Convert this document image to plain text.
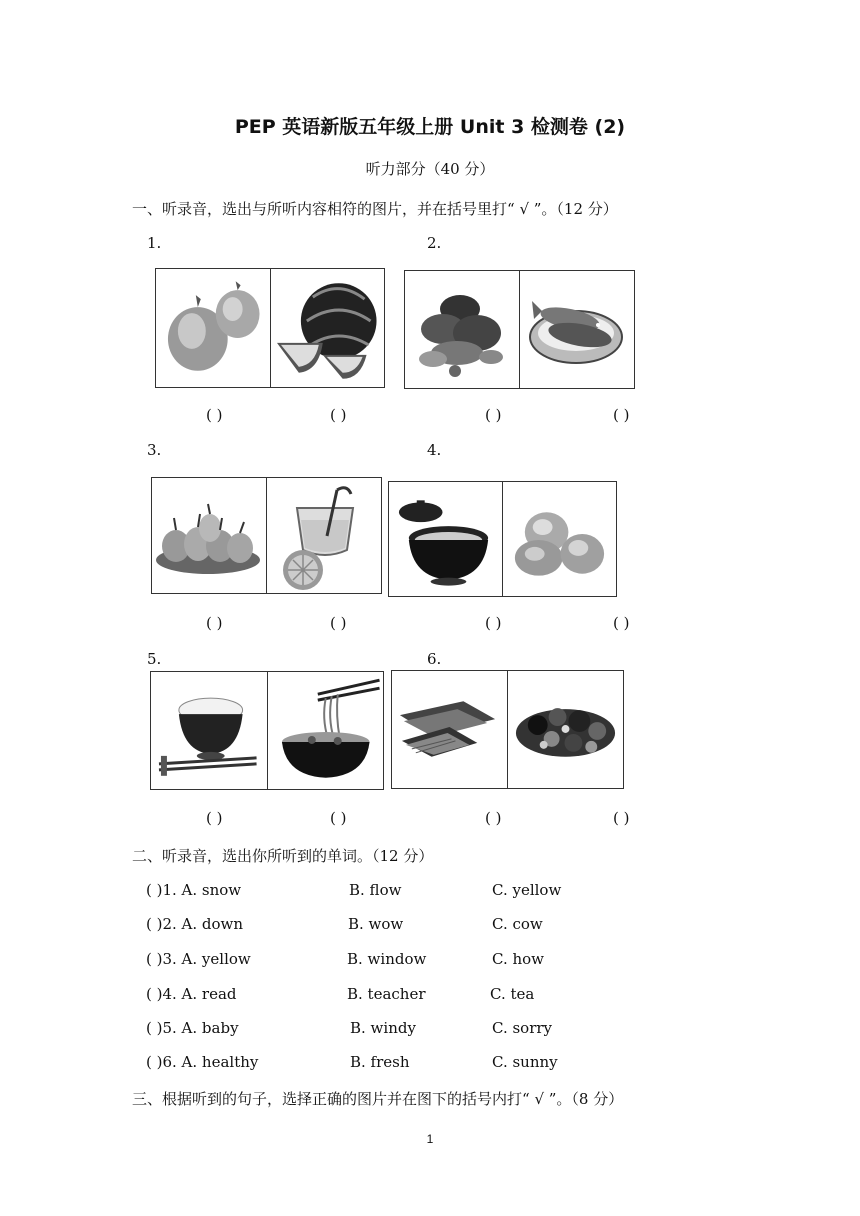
PEP 英语新版五年级上册 Unit 3 检测卷 (2)
听力部分（40 分）
一、听录音，选出与所听内容相符的图片，并在括号里打“ √ ”。（12 分）
1.	2.
3.	4.
5.	6.
( )	( )	( )	( )
( )	( )	( )	( )
( )	( )	( )	( )
二、听录音，选出你所听到的单词。（12 分）
( )1. A. snow	B. flow	C. yellow
( )2. A. down	B. wow	C. cow
( )3. A. yellow	B. window	C. how
( )4. A. read	B. teacher	C. tea
( )5. A. baby	B. windy	C. sorry
( )6. A. healthy	B. fresh	C. sunny
三、根据听到的句子，选择正确的图片并在图下的括号内打“ √ ”。（8 分）
1
